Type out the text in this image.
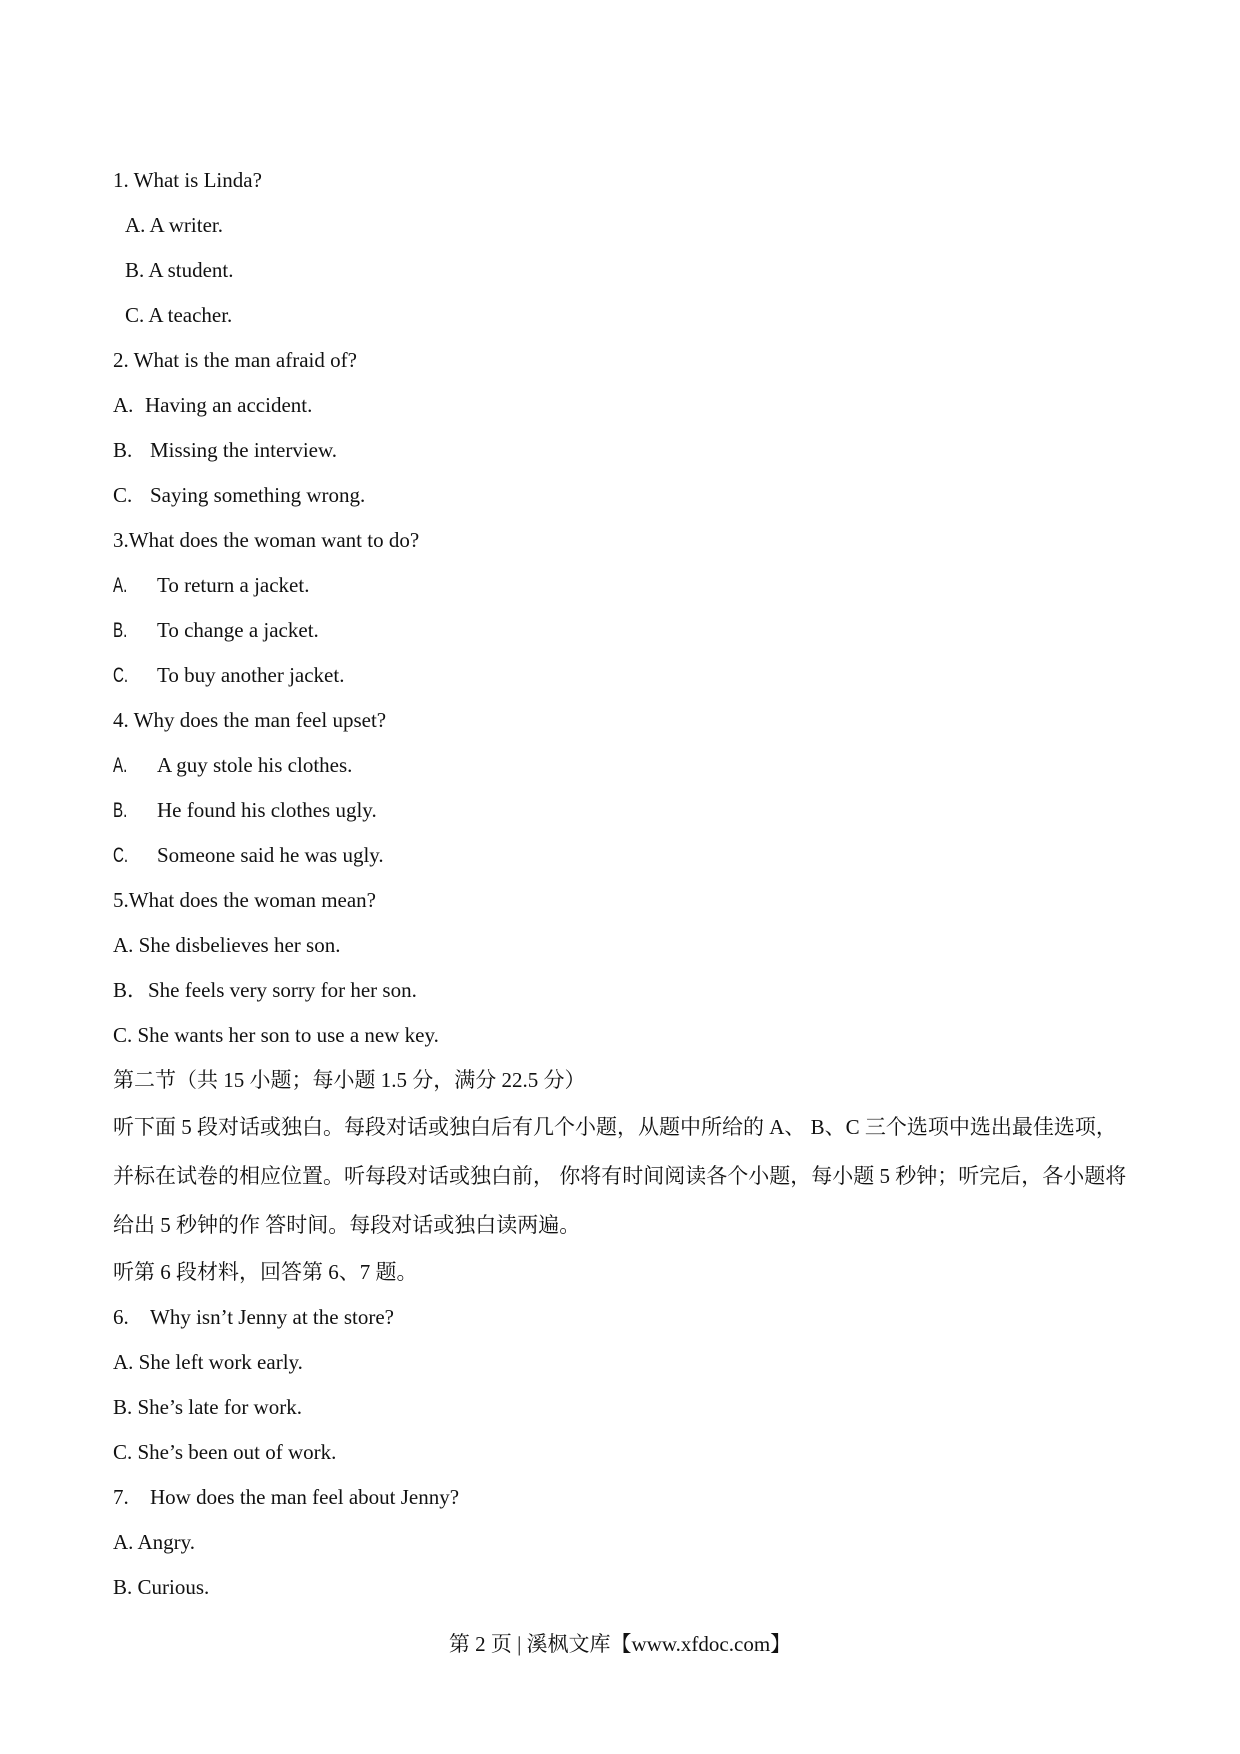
1. What is Linda?
A. A writer.
B. A student.
C. A teacher.
2. What is the man afraid of?
A. Having an accident.
B. Missing the interview.
C. Saying something wrong.
3.What does the woman want to do?
A. To return a jacket.
B. To change a jacket.
C. To buy another jacket.
4. Why does the man feel upset?
A. A guy stole his clothes.
B. He found his clothes ugly.
C. Someone said he was ugly.
5.What does the woman mean?
A. She disbelieves her son.
B．She feels very sorry for her son.
C. She wants her son to use a new key.
第二节（共 15 小题；每小题 1.5 分，满分 22.5 分）
听下面 5 段对话或独白。每段对话或独白后有几个小题，从题中所给的 A、 B、C 三个选项中选出最佳选项，并标在试卷的相应位置。听每段对话或独白前， 你将有时间阅读各个小题，每小题 5 秒钟；听完后，各小题将给出 5 秒钟的作 答时间。每段对话或独白读两遍。
听第 6 段材料，回答第 6、7 题。
6. Why isn’t Jenny at the store?
A. She left work early.
B. She’s late for work.
C. She’s been out of work.
7. How does the man feel about Jenny?
A. Angry.
B. Curious.
第 2 页 | 溪枫文库【www.xfdoc.com】
